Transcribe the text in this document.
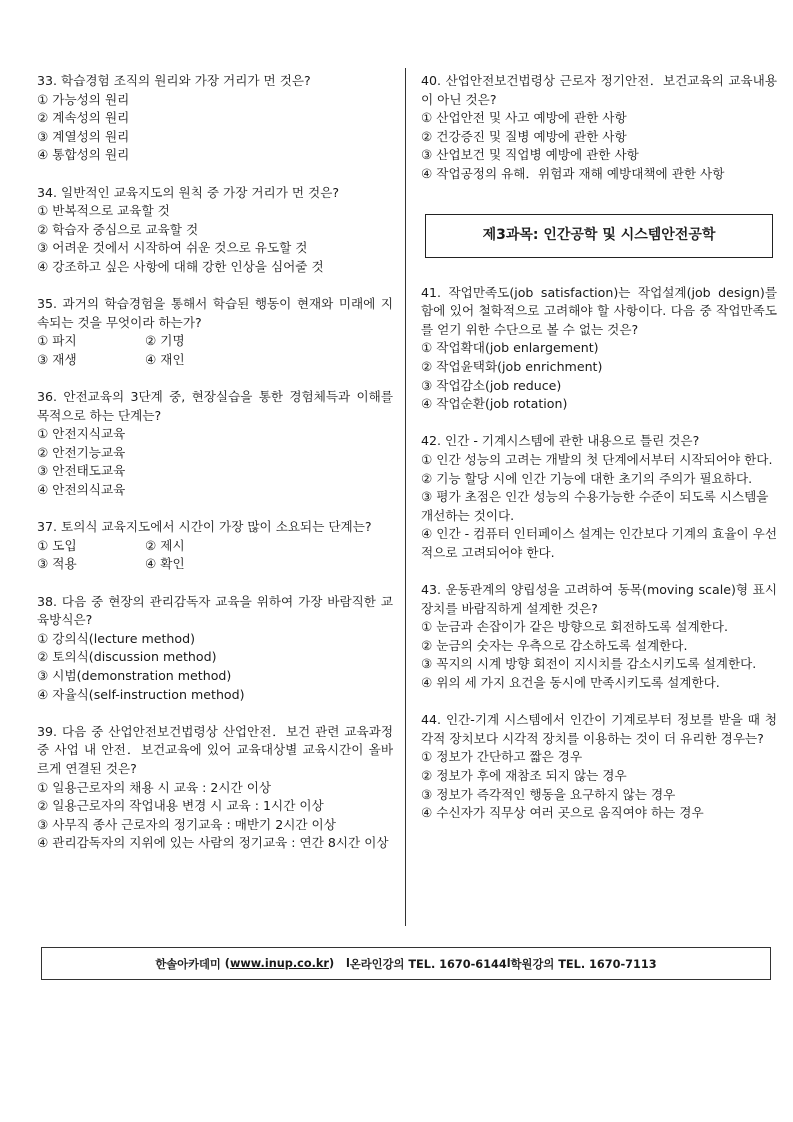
33. 학습경험 조직의 원리와 가장 거리가 먼 것은?
① 가능성의 원리
② 계속성의 원리
③ 계열성의 원리
④ 통합성의 원리
34. 일반적인 교육지도의 원칙 중 가장 거리가 먼 것은?
① 반복적으로 교육할 것
② 학습자 중심으로 교육할 것
③ 어려운 것에서 시작하여 쉬운 것으로 유도할 것
④ 강조하고 싶은 사항에 대해 강한 인상을 심어줄 것
35. 과거의 학습경험을 통해서 학습된 행동이 현재와 미래에 지속되는 것을 무엇이라 하는가?
① 파지	② 기명
③ 재생	④ 재인
36. 안전교육의 3단계 중, 현장실습을 통한 경험체득과 이해를 목적으로 하는 단계는?
① 안전지식교육
② 안전기능교육
③ 안전태도교육
④ 안전의식교육
37. 토의식 교육지도에서 시간이 가장 많이 소요되는 단계는?
① 도입	② 제시
③ 적용	④ 확인
38. 다음 중 현장의 관리감독자 교육을 위하여 가장 바람직한 교육방식은?
① 강의식(lecture method)
② 토의식(discussion method)
③ 시범(demonstration method)
④ 자율식(self-instruction method)
39. 다음 중 산업안전보건법령상 산업안전．보건 관련 교육과정 중 사업 내 안전．보건교육에 있어 교육대상별 교육시간이 올바르게 연결된 것은?
① 일용근로자의 채용 시 교육 : 2시간 이상
② 일용근로자의 작업내용 변경 시 교육 : 1시간 이상
③ 사무직 종사 근로자의 정기교육 : 매반기 2시간 이상
④ 관리감독자의 지위에 있는 사람의 정기교육 : 연간 8시간 이상
40. 산업안전보건법령상 근로자 정기안전．보건교육의 교육내용이 아닌 것은?
① 산업안전 및 사고 예방에 관한 사항
② 건강증진 및 질병 예방에 관한 사항
③ 산업보건 및 직업병 예방에 관한 사항
④ 작업공정의 유해．위험과 재해 예방대책에 관한 사항
제3과목: 인간공학 및 시스템안전공학
41. 작업만족도(job satisfaction)는 작업설계(job design)를 함에 있어 철학적으로 고려해야 할 사항이다. 다음 중 작업만족도를 얻기 위한 수단으로 볼 수 없는 것은?
① 작업확대(job enlargement)
② 작업윤택화(job enrichment)
③ 작업감소(job reduce)
④ 작업순환(job rotation)
42. 인간 - 기계시스템에 관한 내용으로 틀린 것은?
① 인간 성능의 고려는 개발의 첫 단계에서부터 시작되어야 한다.
② 기능 할당 시에 인간 기능에 대한 초기의 주의가 필요하다.
③ 평가 초점은 인간 성능의 수용가능한 수준이 되도록 시스템을 개선하는 것이다.
④ 인간 - 컴퓨터 인터페이스 설계는 인간보다 기계의 효율이 우선적으로 고려되어야 한다.
43. 운동관계의 양립성을 고려하여 동목(moving scale)형 표시장치를 바람직하게 설계한 것은?
① 눈금과 손잡이가 같은 방향으로 회전하도록 설계한다.
② 눈금의 숫자는 우측으로 감소하도록 설계한다.
③ 꼭지의 시계 방향 회전이 지시치를 감소시키도록 설계한다.
④ 위의 세 가지 요건을 동시에 만족시키도록 설계한다.
44. 인간-기계 시스템에서 인간이 기계로부터 정보를 받을 때 청각적 장치보다 시각적 장치를 이용하는 것이 더 유리한 경우는?
① 정보가 간단하고 짧은 경우
② 정보가 후에 재참조 되지 않는 경우
③ 정보가 즉각적인 행동을 요구하지 않는 경우
④ 수신자가 직무상 여러 곳으로 움직여야 하는 경우
한솔아카데미 ( www.inup.co.kr ) l 온라인강의 TEL. 1670-6144 l 학원강의 TEL. 1670-7113
